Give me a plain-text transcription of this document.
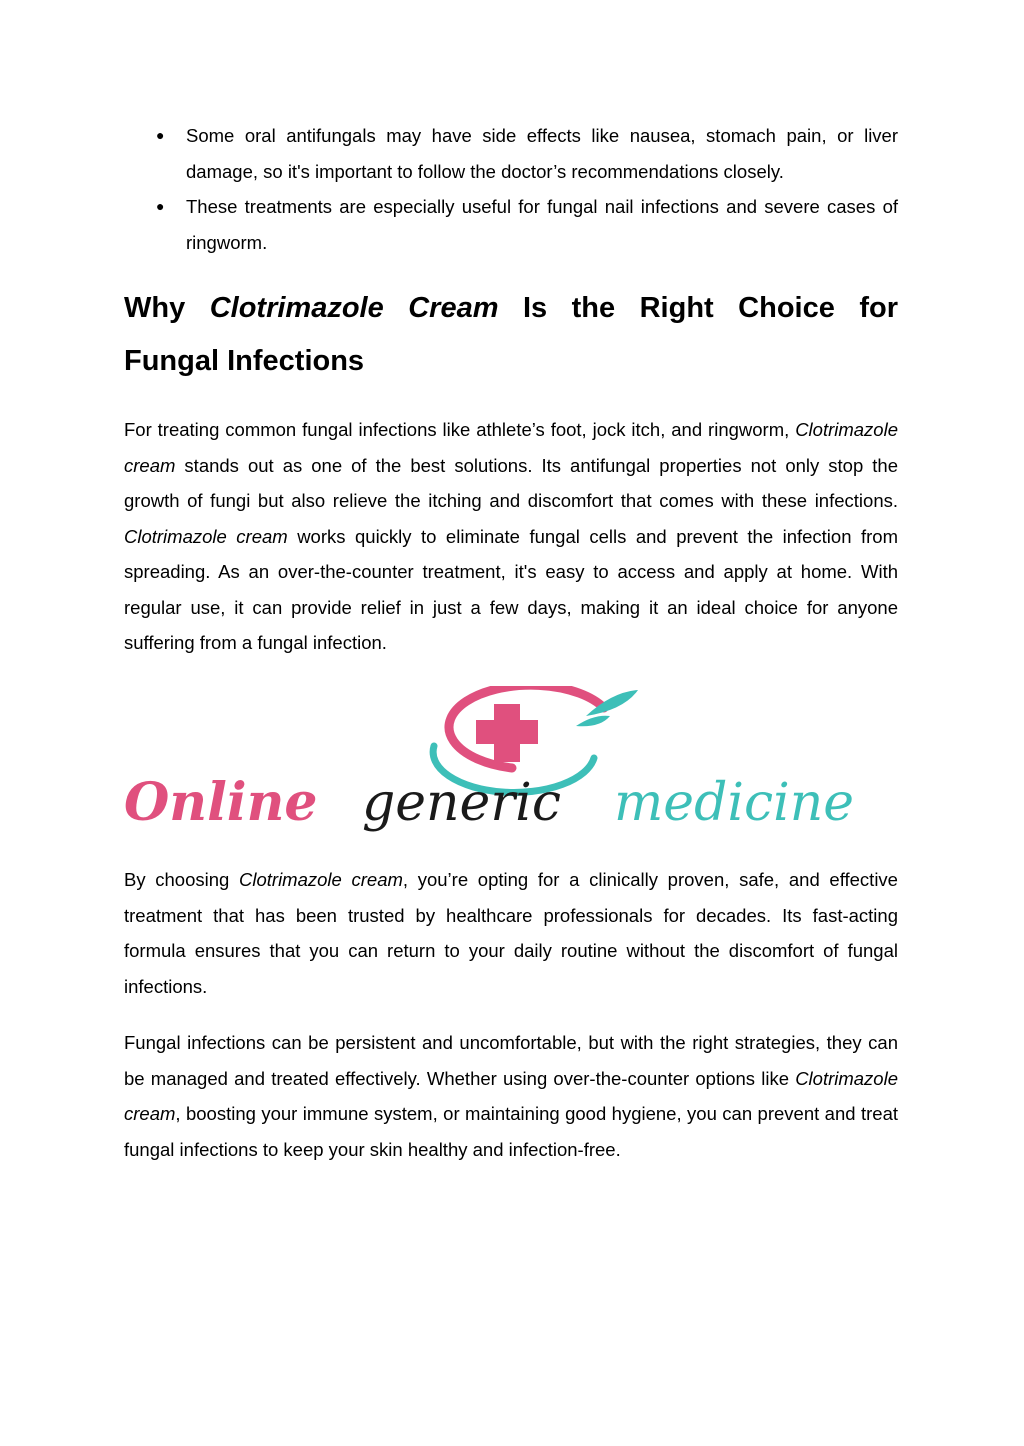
● Some oral antifungals may have side effects like nausea, stomach pain, or liver damage, so it's important to follow the doctor’s recommendations closely.
● These treatments are especially useful for fungal nail infections and severe cases of ringworm.
Why Clotrimazole Cream Is the Right Choice for
Fungal Infections

For treating common fungal infections like athlete’s foot, jock itch, and ringworm, Clotrimazole cream stands out as one of the best solutions. Its antifungal properties not only stop the growth of fungi but also relieve the itching and discomfort that comes with these infections. Clotrimazole cream works quickly to eliminate fungal cells and prevent the infection from spreading. As an over-the-counter treatment, it's easy to access and apply at home. With regular use, it can provide relief in just a few days, making it an ideal choice for anyone suffering from a fungal infection.

By choosing Clotrimazole cream, you’re opting for a clinically proven, safe, and effective treatment that has been trusted by healthcare professionals for decades. Its fast-acting formula ensures that you can return to your daily routine without the discomfort of fungal infections.

Fungal infections can be persistent and uncomfortable, but with the right strategies, they can be managed and treated effectively. Whether using over-the-counter options like Clotrimazole cream, boosting your immune system, or maintaining good hygiene, you can prevent and treat fungal infections to keep your skin healthy and infection-free.

Online generic medicine
